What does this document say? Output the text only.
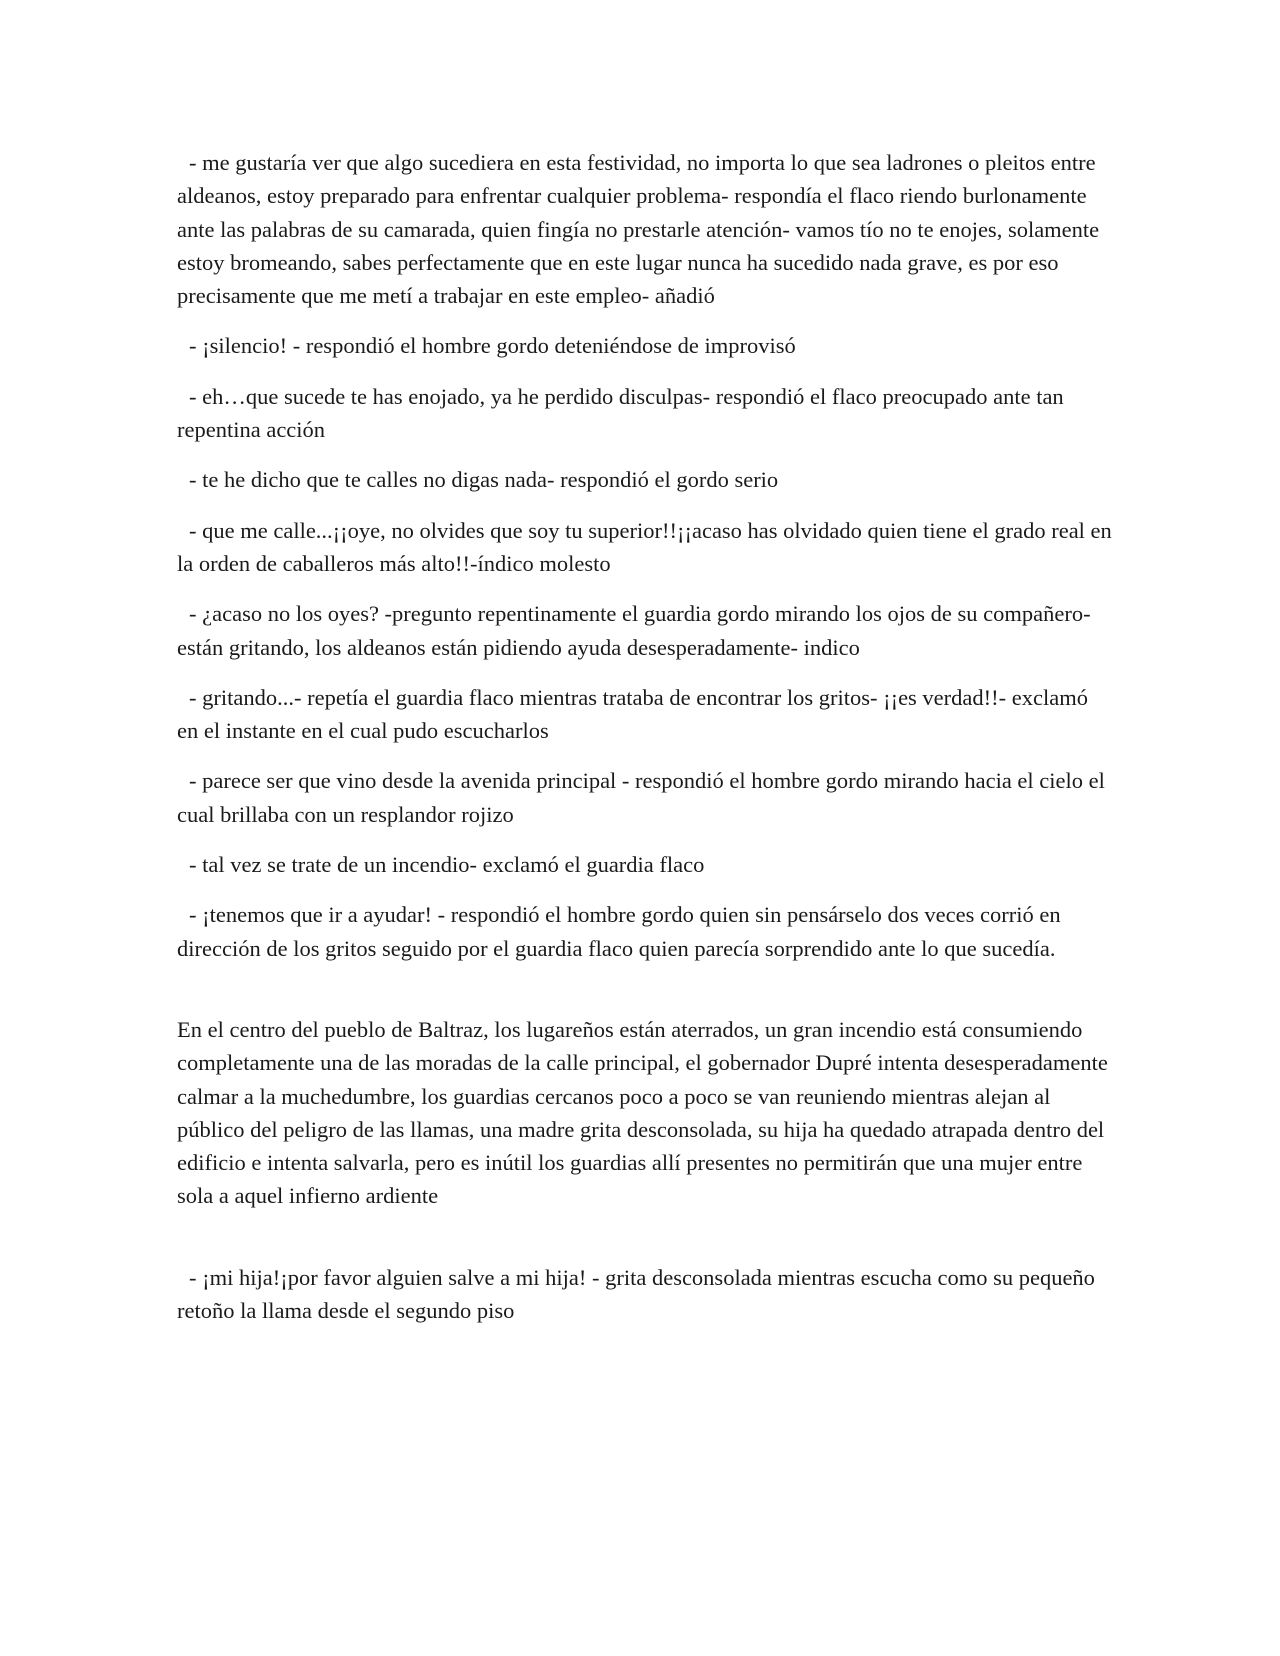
- me gustaría ver que algo sucediera en esta festividad, no importa lo que sea ladrones o pleitos entre aldeanos, estoy preparado para enfrentar cualquier problema- respondía el flaco riendo burlonamente ante las palabras de su camarada, quien fingía no prestarle atención- vamos tío no te enojes, solamente estoy bromeando, sabes perfectamente que en este lugar nunca ha sucedido nada grave, es por eso precisamente que me metí a trabajar en este empleo- añadió

- ¡silencio! - respondió el hombre gordo deteniéndose de improvisó

- eh…que sucede te has enojado, ya he perdido disculpas- respondió el flaco preocupado ante tan repentina acción

- te he dicho que te calles no digas nada- respondió el gordo serio

- que me calle...¡¡oye, no olvides que soy tu superior!!¡¡acaso has olvidado quien tiene el grado real en la orden de caballeros más alto!!-índico molesto

- ¿acaso no los oyes? -pregunto repentinamente el guardia gordo mirando los ojos de su compañero- están gritando, los aldeanos están pidiendo ayuda desesperadamente- indico

- gritando...- repetía el guardia flaco mientras trataba de encontrar los gritos- ¡¡es verdad!!- exclamó en el instante en el cual pudo escucharlos

- parece ser que vino desde la avenida principal - respondió el hombre gordo mirando hacia el cielo el cual brillaba con un resplandor rojizo

- tal vez se trate de un incendio- exclamó el guardia flaco

- ¡tenemos que ir a ayudar! - respondió el hombre gordo quien sin pensárselo dos veces corrió en dirección de los gritos seguido por el guardia flaco quien parecía sorprendido ante lo que sucedía.

En el centro del pueblo de Baltraz, los lugareños están aterrados, un gran incendio está consumiendo completamente una de las moradas de la calle principal, el gobernador Dupré intenta desesperadamente calmar a la muchedumbre, los guardias cercanos poco a poco se van reuniendo mientras alejan al público del peligro de las llamas, una madre grita desconsolada, su hija ha quedado atrapada dentro del edificio e intenta salvarla, pero es inútil los guardias allí presentes no permitirán que una mujer entre sola a aquel infierno ardiente

- ¡mi hija!¡por favor alguien salve a mi hija! - grita desconsolada mientras escucha como su pequeño retoño la llama desde el segundo piso
